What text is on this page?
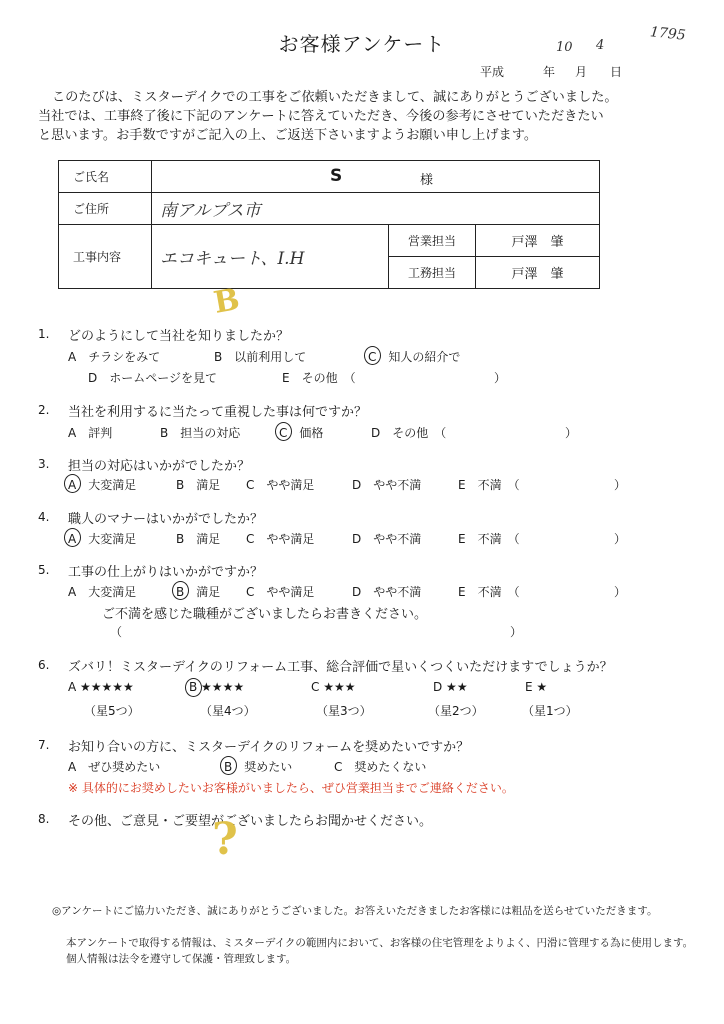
お客様アンケート	1795
平成
10
年
4
月 日
このたびは、ミスターデイクでの工事をご依頼いただきまして、誠にありがとうございました。
当社では、工事終了後に下記のアンケートに答えていただき、今後の参考にさせていただきたい
と思います。お手数ですがご記入の上、ご返送下さいますようお願い申し上げます。
ご氏名	S 様		

ご住所	南アルプス市		
工事内容	エコキュート、I.H	営業担当	戸澤　肇
		工務担当	戸澤　肇
B
1. どのようにして当社を知りましたか？
A　チラシをみて	B　以前利用して	C　知人の紹介で
D　ホームページを見て	E　その他　（	）
2. 当社を利用するに当たって重視した事は何ですか？
A　評判	B　担当の対応	C　価格	D　その他　（	）
3. 担当の対応はいかがでしたか？
A　大変満足	B　満足 C　やや満足	D　やや不満	E　不満　（	）
4. 職人のマナーはいかがでしたか？
A　大変満足	B　満足 C　やや満足	D　やや不満	E　不満　（	）
5. 工事の仕上がりはいかがですか？
A　大変満足	B　満足 C　やや満足	D　やや不満	E　不満　（	）
ご不満を感じた職種がございましたらお書きください。
（	）
6. ズバリ！ミスターデイクのリフォーム工事、総合評価で星いくつくいただけますでしょうか？
A ★★★★★	B ★★★★	C ★★★	D ★★	E ★
（星5つ）	（星4つ）	（星3つ）	（星2つ）	（星1つ）
7. お知り合いの方に、ミスターデイクのリフォームを奨めたいですか？
A　ぜひ奨めたい	B　奨めたい	C　奨めたくない
※ 具体的にお奨めしたいお客様がいましたら、ぜひ営業担当までご連絡ください。
8. その他、ご意見・ご要望がございましたらお聞かせください。
?
◎アンケートにご協力いただき、誠にありがとうございました。お答えいただきましたお客様には粗品を送らせていただきます。
本アンケートで取得する情報は、ミスターデイクの範囲内において、お客様の住宅管理をよりよく、円滑に管理する為に使用します。
個人情報は法令を遵守して保護・管理致します。
